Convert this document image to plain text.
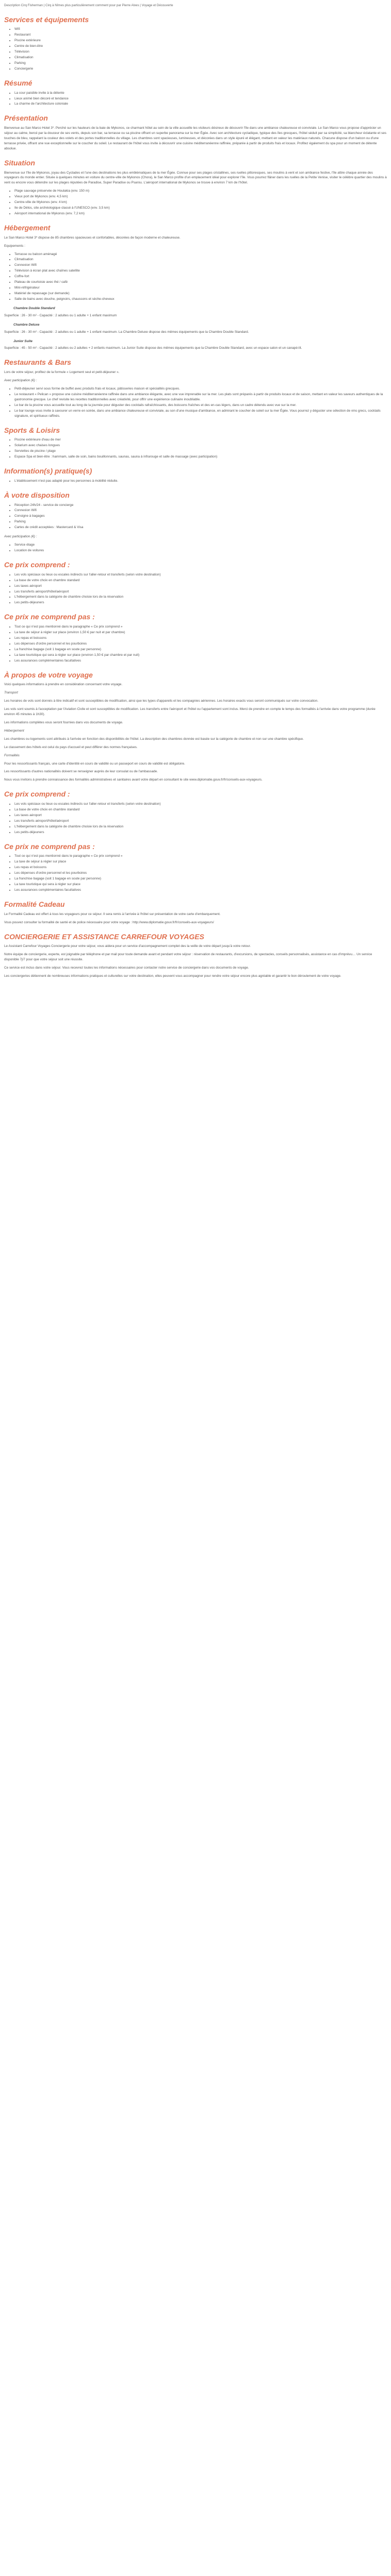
Description Cirq Fisherman | Cirq à Nîmes plus particulièrement comment pour par Pierre Alves | Voyage et Découverte
Services et équipements
• Wifi
• Restaurant
• Piscine extérieure
• Centre de bien-être
• Télévision
• Climatisation
• Parking
• Conciergerie
Résumé
• La cour paisible invite à la détente
• Lieux animé bien décoré et tendance
• La charme de l'architecture coloniale
Présentation

Bienvenue au San Marco Hotel 3*. Perché sur les hauteurs de la baie de Mykonos, ce charmant hôtel au sein de la ville accueille les visiteurs désireux de découvrir l'île dans une ambiance chaleureuse et conviviale. Le San Marco vous propose d'apprécier un séjour au calme, bercé par la douceur de ses vents, depuis son bar, sa terrasse ou sa piscine offrant un superbe panorama sur la mer Égée. Avec son architecture cycladique, typique des îles grecques, l'hôtel séduit par sa simplicité, sa blancheur éclatante et ses touches de bleu, rappelant la couleur des volets et des portes traditionnelles du village. Les chambres sont spacieuses, lumineuses, et décorées dans un style épuré et élégant, mettant en valeur les matériaux naturels. Chacune dispose d'un balcon ou d'une terrasse privée, offrant une vue exceptionnelle sur le coucher du soleil. Le restaurant de l'hôtel vous invite à découvrir une cuisine méditerranéenne raffinée, préparée à partir de produits frais et locaux. Profitez également du spa pour un moment de détente absolue.

Situation

Bienvenue sur l'île de Mykonos, joyau des Cyclades et l'une des destinations les plus emblématiques de la mer Égée. Connue pour ses plages cristallines, ses ruelles pittoresques, ses moulins à vent et son ambiance festive, l'île attire chaque année des voyageurs du monde entier. Située à quelques minutes en voiture du centre-ville de Mykonos (Chora), le San Marco profite d'un emplacement idéal pour explorer l'île. Vous pourrez flâner dans les ruelles de la Petite Venise, visiter le célèbre quartier des moulins à vent ou encore vous détendre sur les plages réputées de Paradise, Super Paradise ou Psarou. L'aéroport international de Mykonos se trouve à environ 7 km de l'hôtel.

• Plage sauvage préservée de Houlakia (env. 150 m)
• Vieux port de Mykonos (env. 4,5 km)
• Centre-ville de Mykonos (env. 4 km)
• Ile de Délos, site archéologique classé à l'UNESCO (env. 3,5 km)
• Aéroport international de Mykonos (env. 7,2 km)
Hébergement

Le San Marco Hotel 3* dispose de 85 chambres spacieuses et confortables, décorées de façon moderne et chaleureuse.

Equipements :

• Terrasse ou balcon aménagé
• Climatisation
• Connexion Wifi
• Télévision à écran plat avec chaînes satellite
• Coffre-fort
• Plateau de courtoisie avec thé / café
• Mini-réfrigérateur
• Matériel de repassage (sur demande)
• Salle de bains avec douche, peignoirs, chaussons et sèche-cheveux
Chambre Double Standard

Superficie : 26 - 30 m² - Capacité : 2 adultes ou 1 adulte + 1 enfant maximum

Chambre Deluxe

Superficie : 26 - 30 m² - Capacité : 2 adultes ou 1 adulte + 1 enfant maximum. La Chambre Deluxe dispose des mêmes équipements que la Chambre Double Standard.

Junior Suite

Superficie : 45 - 50 m² - Capacité : 2 adultes ou 2 adultes + 2 enfants maximum. La Junior Suite dispose des mêmes équipements que la Chambre Double Standard, avec un espace salon et un canapé-lit.

Restaurants & Bars

Lors de votre séjour, profitez de la formule « Logement seul et petit-déjeuner ».

Avec participation (€) :

• Petit-déjeuner servi sous forme de buffet avec produits frais et locaux, pâtisseries maison et spécialités grecques.
• Le restaurant « Pelican » propose une cuisine méditerranéenne raffinée dans une ambiance élégante, avec une vue imprenable sur la mer. Les plats sont préparés à partir de produits locaux et de saison, mettant en valeur les saveurs authentiques de la gastronomie grecque. Le chef revisite les recettes traditionnelles avec créativité, pour offrir une expérience culinaire inoubliable.
• Le bar de la piscine vous accueille tout au long de la journée pour déguster des cocktails rafraîchissants, des boissons fraîches et des en-cas légers, dans un cadre détendu avec vue sur la mer.
• Le bar lounge vous invite à savourer un verre en soirée, dans une ambiance chaleureuse et conviviale, au son d'une musique d'ambiance, en admirant le coucher de soleil sur la mer Égée. Vous pourrez y déguster une sélection de vins grecs, cocktails signature, et spiritueux raffinés.
Sports & Loisirs
• Piscine extérieure d'eau de mer
• Solarium avec chaises longues
• Serviettes de piscine / plage
• Espace Spa et bien-être : hammam, salle de soin, bains bouillonnants, saunas, sauna à infrarouge et salle de massage (avec participation)
Information(s) pratique(s)
• L'établissement n'est pas adapté pour les personnes à mobilité réduite.
À votre disposition
• Réception 24h/24 - service de concierge
• Connexion Wifi
• Consigne à bagages
• Parking
• Cartes de crédit acceptées : Mastercard & Visa

Avec participation (€) :

• Service étage
• Location de voitures
Ce prix comprend :
• Les vols spéciaux ou lieux ou escales indirects sur l'aller-retour et transferts (selon votre destination)
• La base de votre choix en chambre standard
• Les taxes aéroport
• Les transferts aéroport/hôtel/aéroport
• L'hébergement dans la catégorie de chambre choisie lors de la réservation
• Les petits-déjeuners
Ce prix ne comprend pas :
• Tout ce qui n'est pas mentionné dans le paragraphe « Ce prix comprend »
• La taxe de séjour à régler sur place (environ 1,50 € par nuit et par chambre)
• Les repas et boissons
• Les dépenses d'ordre personnel et les pourboires
• La franchise bagage (soit 1 bagage en soute par personne)
• La taxe touristique qui sera à régler sur place (environ 1,50 € par chambre et par nuit)
• Les assurances complémentaires facultatives
À propos de votre voyage

Voici quelques informations à prendre en considération concernant votre voyage.

Transport

Les horaires de vols sont donnés à titre indicatif et sont susceptibles de modification, ainsi que les types d'appareils et les compagnies aériennes. Les horaires exacts vous seront communiqués sur votre convocation.

Les vols sont soumis à l'acceptation par l'Aviation Civile et sont susceptibles de modification. Les transferts entre l'aéroport et l'hôtel ou l'appartement sont inclus. Merci de prendre en compte le temps des formalités à l'arrivée dans votre programme (durée environ 45 minutes à 1h30).

Les informations complètes vous seront fournies dans vos documents de voyage.

Hébergement

Les chambres ou logements sont attribués à l'arrivée en fonction des disponibilités de l'hôtel. La description des chambres donnée est basée sur la catégorie de chambre et non sur une chambre spécifique.

Le classement des hôtels est celui du pays d'accueil et peut différer des normes françaises.

Formalités

Pour les ressortissants français, une carte d'identité en cours de validité ou un passeport en cours de validité est obligatoire.

Les ressortissants d'autres nationalités doivent se renseigner auprès de leur consulat ou de l'ambassade.

Nous vous invitons à prendre connaissance des formalités administratives et sanitaires avant votre départ en consultant le site www.diplomatie.gouv.fr/fr/conseils-aux-voyageurs.

Ce prix comprend :
• Les vols spéciaux ou lieux ou escales indirects sur l'aller-retour et transferts (selon votre destination)
• La base de votre choix en chambre standard
• Les taxes aéroport
• Les transferts aéroport/hôtel/aéroport
• L'hébergement dans la catégorie de chambre choisie lors de la réservation
• Les petits-déjeuners
Ce prix ne comprend pas :
• Tout ce qui n'est pas mentionné dans le paragraphe « Ce prix comprend »
• La taxe de séjour à régler sur place
• Les repas et boissons
• Les dépenses d'ordre personnel et les pourboires
• La franchise bagage (soit 1 bagage en soute par personne)
• La taxe touristique qui sera à régler sur place
• Les assurances complémentaires facultatives
Formalité Cadeau

Le Formalité Cadeau est offert à tous les voyageurs pour ce séjour. Il sera remis à l'arrivée à l'hôtel sur présentation de votre carte d'embarquement.

Vous pouvez consulter la formalité de santé et de police nécessaire pour votre voyage : http://www.diplomatie.gouv.fr/fr/conseils-aux-voyageurs/

CONCIERGERIE ET ASSISTANCE CARREFOUR VOYAGES

Le Assistant Carrefour Voyages Conciergerie pour votre séjour, vous aidera pour un service d'accompagnement complet des la veille de votre départ jusqu'à votre retour.

Notre équipe de conciergerie, experte, est joignable par téléphone et par mail pour toute demande avant et pendant votre séjour : réservation de restaurants, d'excursions, de spectacles, conseils personnalisés, assistance en cas d'imprévu… Un service disponible 7j/7 pour que votre séjour soit une réussite.

Ce service est inclus dans votre séjour. Vous recevrez toutes les informations nécessaires pour contacter notre service de conciergerie dans vos documents de voyage.

Les conciergeries détiennent de nombreuses informations pratiques et culturelles sur votre destination, elles peuvent vous accompagner pour rendre votre séjour encore plus agréable et garantir le bon déroulement de votre voyage.
